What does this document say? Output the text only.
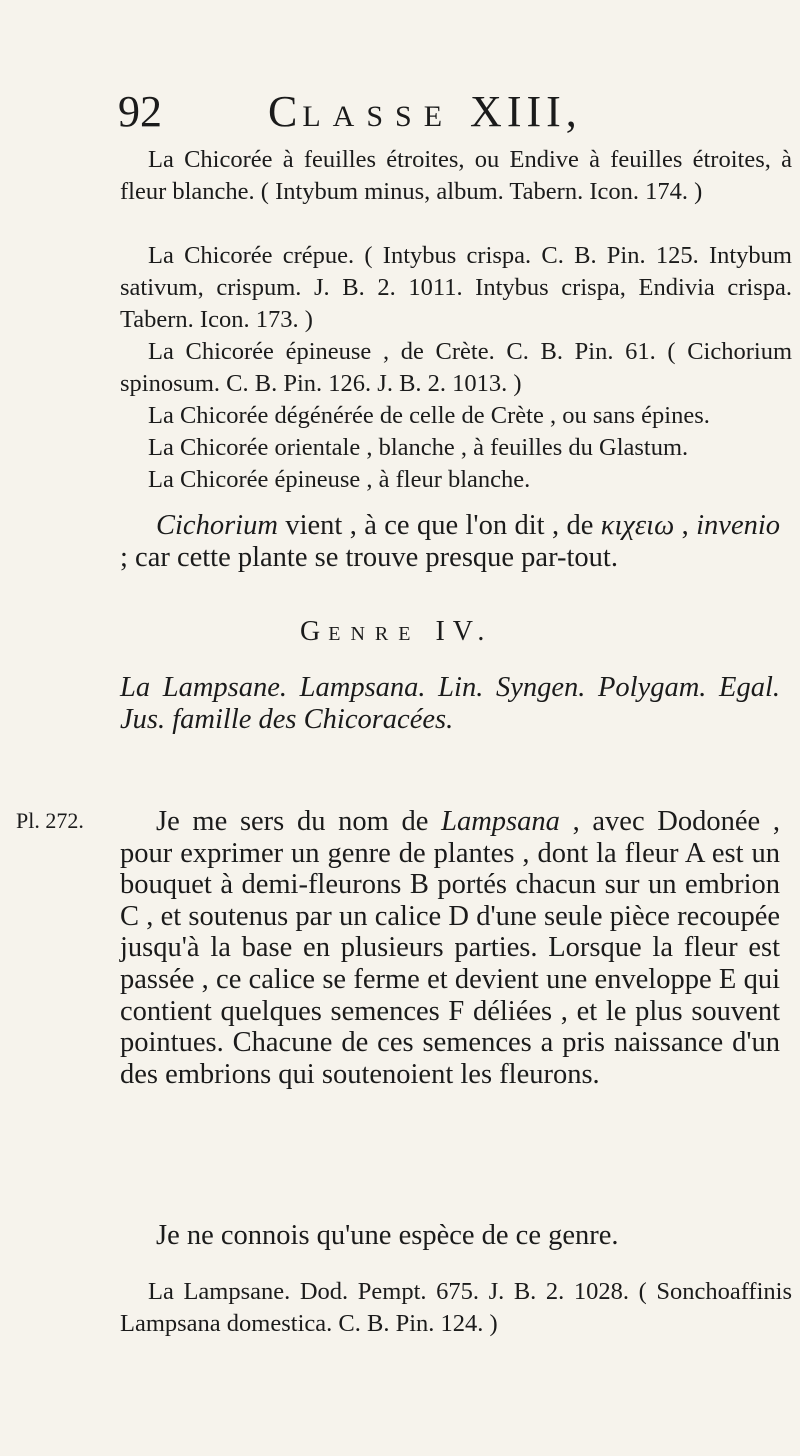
92 CLASSE XIII,

La Chicorée à feuilles étroites, ou Endive à feuilles étroites, à fleur blanche. ( Intybum minus, album. Tabern. Icon. 174. )

La Chicorée crépue. ( Intybus crispa. C. B. Pin. 125. Intybum sativum, crispum. J. B. 2. 1011. Intybus crispa, Endivia crispa. Tabern. Icon. 173. )

La Chicorée épineuse , de Crète. C. B. Pin. 61. ( Cichorium spinosum. C. B. Pin. 126. J. B. 2. 1013. )

La Chicorée dégénérée de celle de Crète , ou sans épines.

La Chicorée orientale , blanche , à feuilles du Glastum.

La Chicorée épineuse , à fleur blanche.

Cichorium vient , à ce que l'on dit , de κιχειω , invenio ; car cette plante se trouve presque par-tout.

GENRE IV.

La Lampsane. Lampsana. Lin. Syngen. Polygam. Egal. Jus. famille des Chicoracées.

Pl. 272.	Je me sers du nom de Lampsana , avec Dodonée , pour exprimer un genre de plantes , dont la fleur A est un bouquet à demi-fleurons B portés chacun sur un embrion C , et soutenus par un calice D d'une seule pièce recoupée jusqu'à la base en plusieurs parties. Lorsque la fleur est passée , ce calice se ferme et devient une enveloppe E qui contient quelques semences F déliées , et le plus souvent pointues. Chacune de ces semences a pris naissance d'un des embrions qui soutenoient les fleurons.

Je ne connois qu'une espèce de ce genre.

La Lampsane. Dod. Pempt. 675. J. B. 2. 1028. ( Sonchoaffinis Lampsana domestica. C. B. Pin. 124. )
